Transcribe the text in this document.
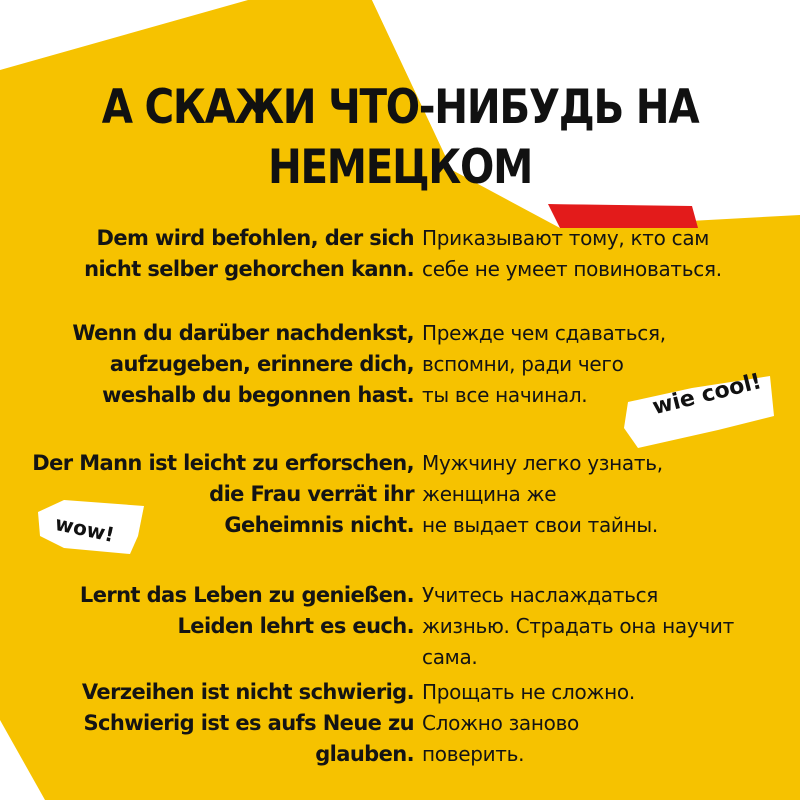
А СКАЖИ ЧТО-НИБУДЬ НА
НЕМЕЦКОМ
Dem wird befohlen, der sich
nicht selber gehorchen kann.
Приказывают тому, кто сам
себе не умеет повиноваться.
Wenn du darüber nachdenkst,
aufzugeben, erinnere dich,
weshalb du begonnen hast.
Прежде чем сдаваться,
вспомни, ради чего
ты все начинал.
Der Mann ist leicht zu erforschen,
die Frau verrät ihr
Geheimnis nicht.
Мужчину легко узнать,
женщина же
не выдает свои тайны.
Lernt das Leben zu genießen.
Leiden lehrt es euch.
Учитесь наслаждаться
жизнью. Страдать она научит
сама.
Verzeihen ist nicht schwierig.
Schwierig ist es aufs Neue zu
glauben.
Прощать не сложно.
Сложно заново
поверить.
wie cool!
wow!
